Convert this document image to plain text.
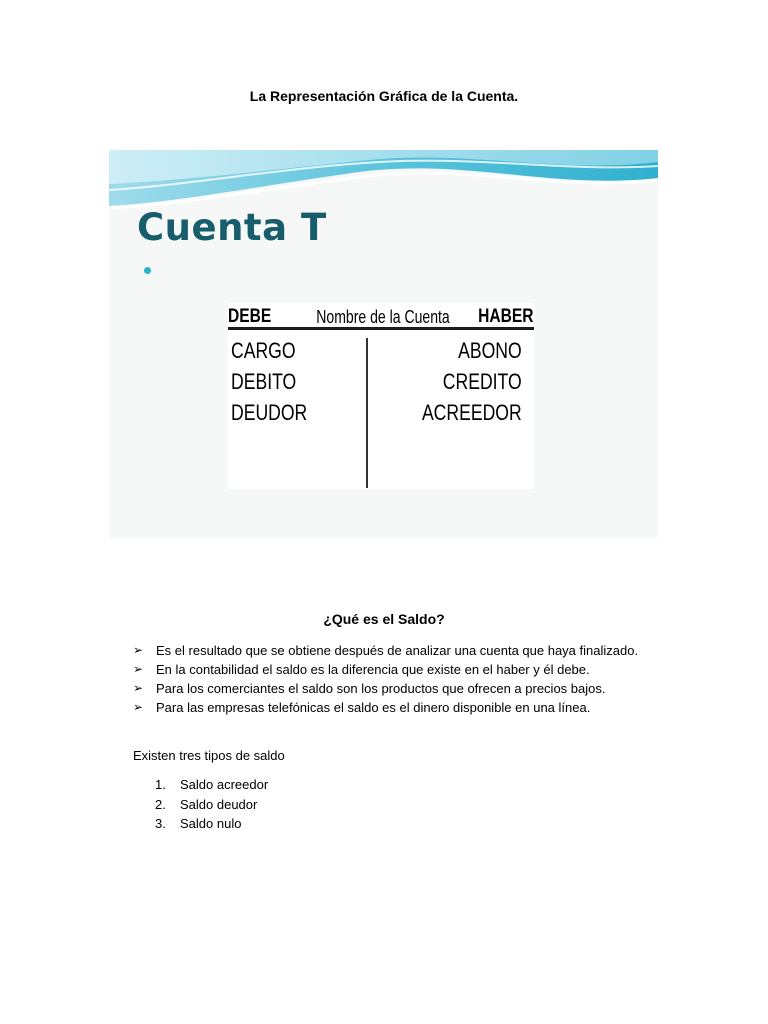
La Representación Gráfica de la Cuenta.
Cuenta T
DEBE	Nombre de la Cuenta	HABER
CARGO
DEBITO
DEUDOR
ABONO
CREDITO
ACREEDOR
¿Qué es el Saldo?
➢ Es el resultado que se obtiene después de analizar una cuenta que haya finalizado.
➢ En la contabilidad el saldo es la diferencia que existe en el haber y él debe.
➢ Para los comerciantes el saldo son los productos que ofrecen a precios bajos.
➢ Para las empresas telefónicas el saldo es el dinero disponible en una línea.

Existen tres tipos de saldo

1. Saldo acreedor
2. Saldo deudor
3. Saldo nulo
